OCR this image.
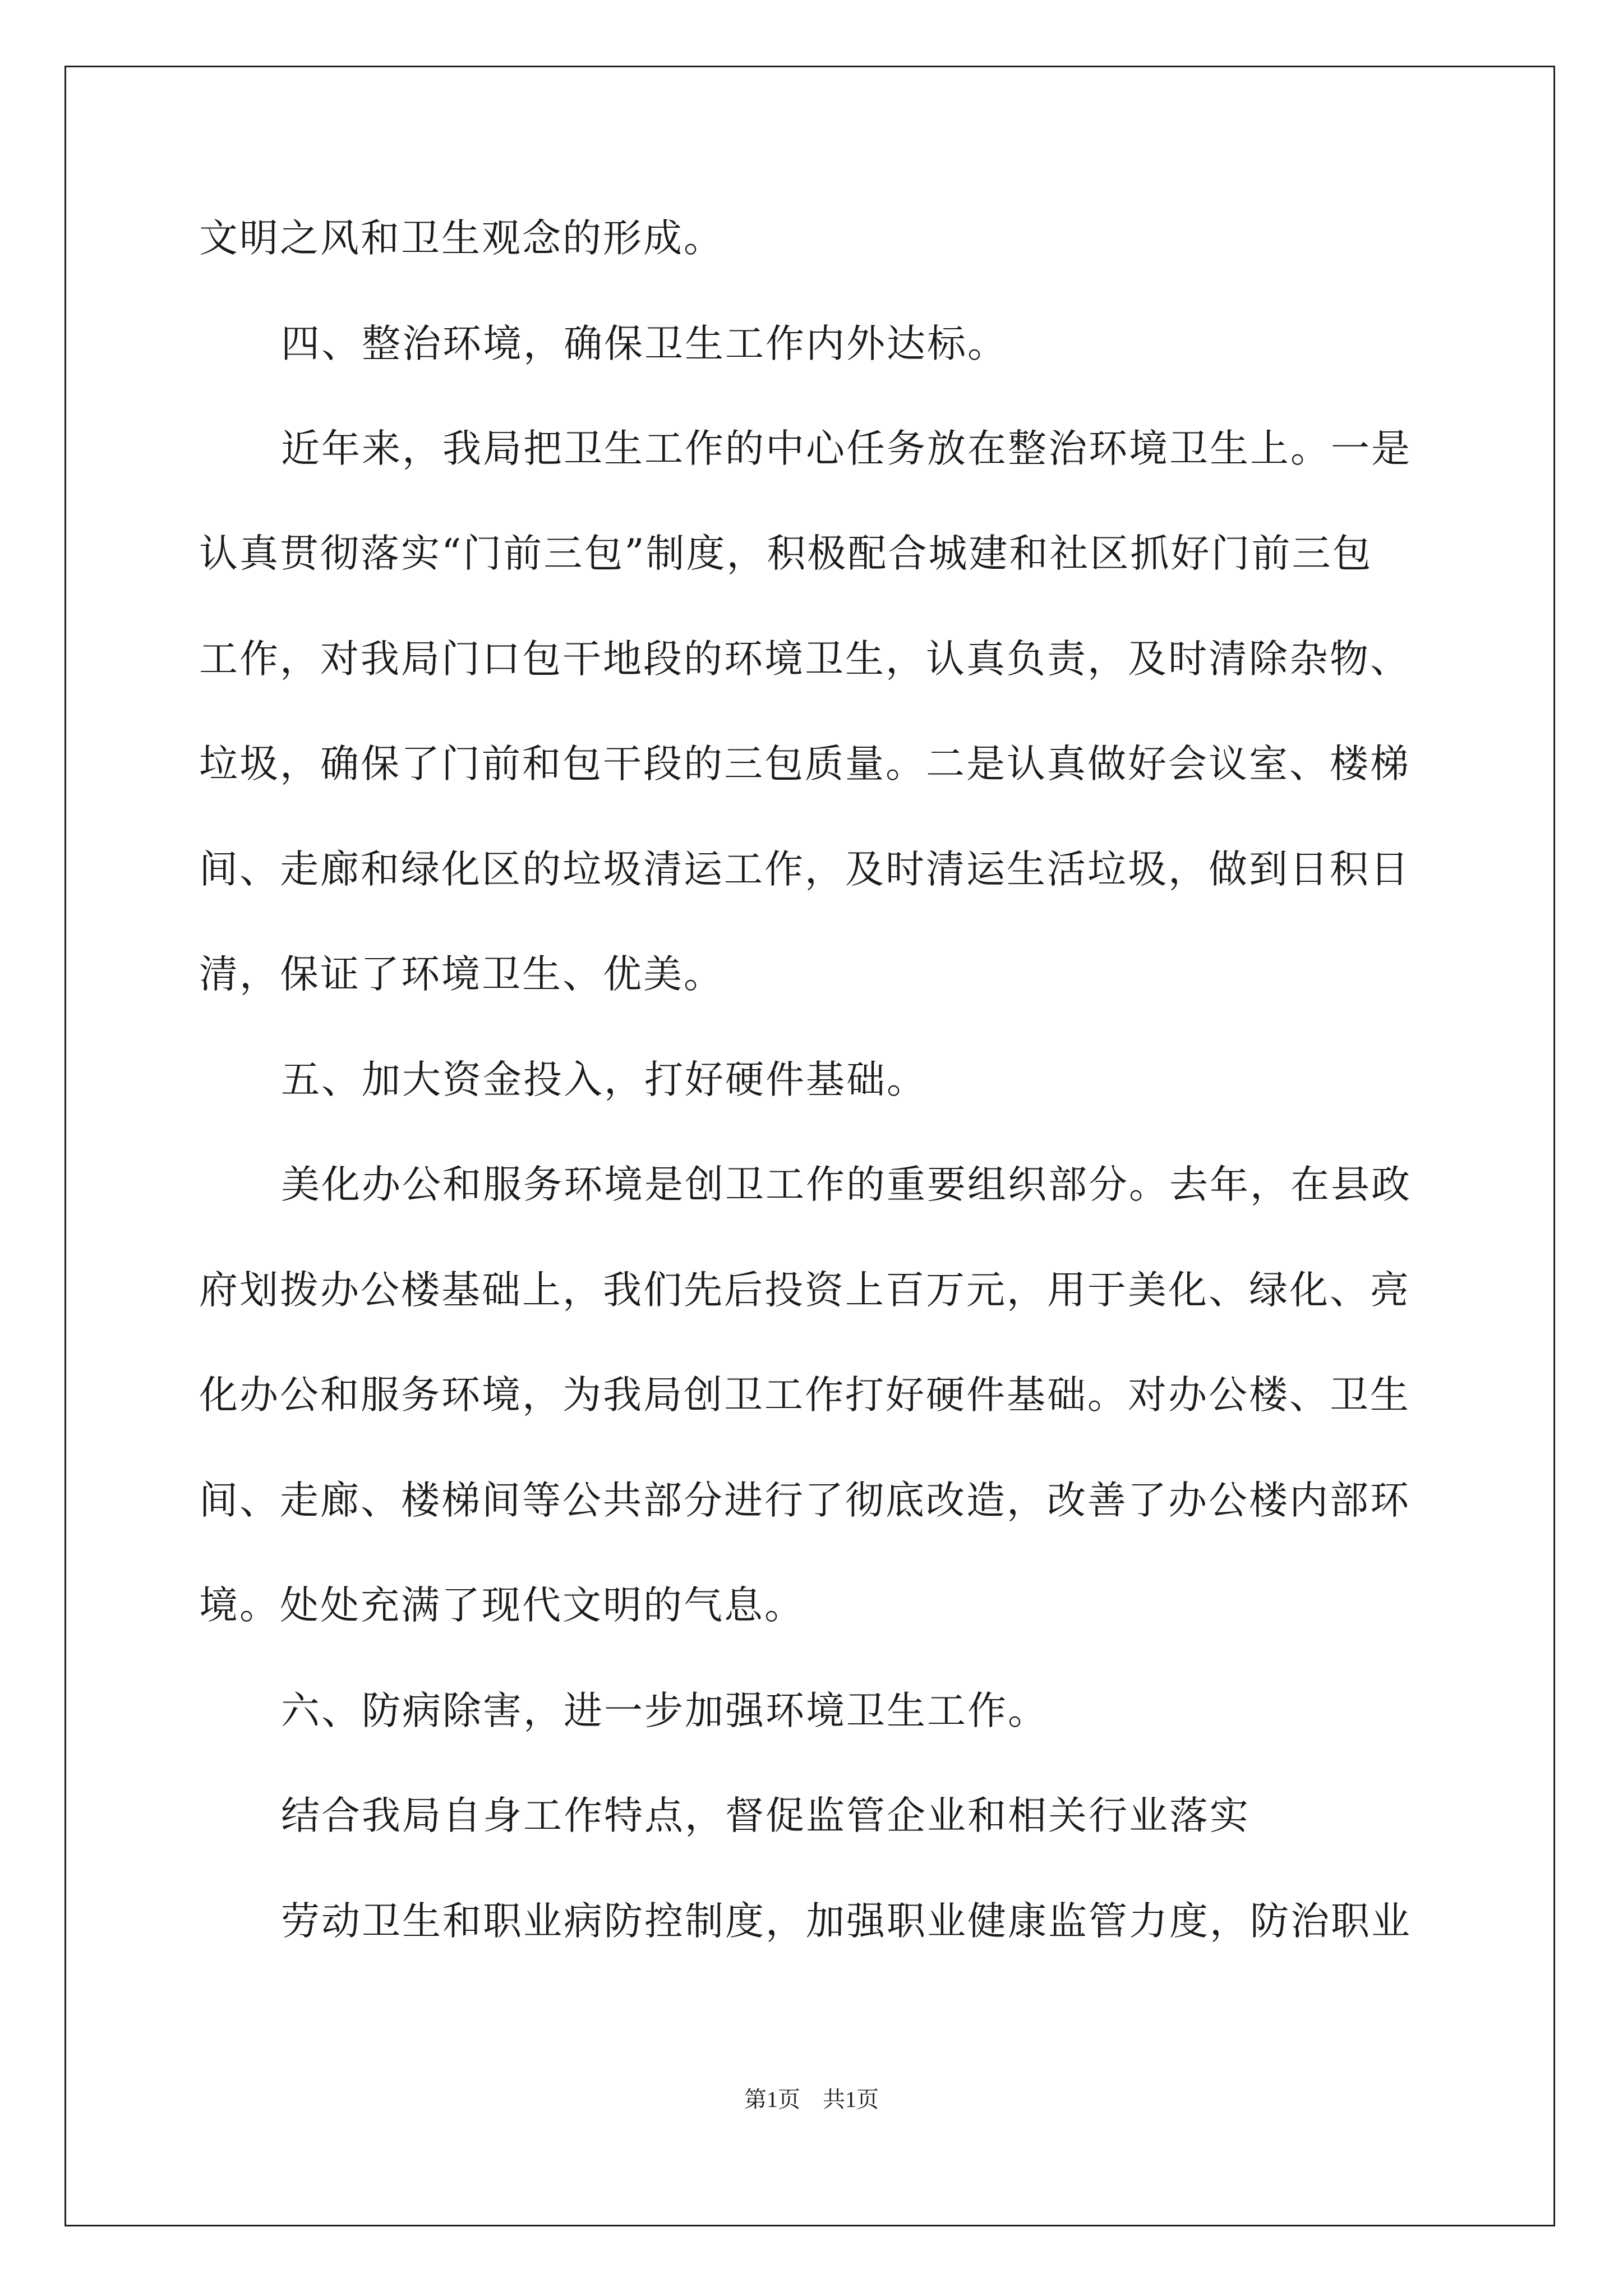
文明之风和卫生观念的形成。
四、整治环境，确保卫生工作内外达标。
近年来，我局把卫生工作的中心任务放在整治环境卫生上。一是
认真贯彻落实“门前三包”制度，积极配合城建和社区抓好门前三包
工作，对我局门口包干地段的环境卫生，认真负责，及时清除杂物、
垃圾，确保了门前和包干段的三包质量。二是认真做好会议室、楼梯
间、走廊和绿化区的垃圾清运工作，及时清运生活垃圾，做到日积日
清，保证了环境卫生、优美。
五、加大资金投入，打好硬件基础。
美化办公和服务环境是创卫工作的重要组织部分。去年，在县政
府划拨办公楼基础上，我们先后投资上百万元，用于美化、绿化、亮
化办公和服务环境，为我局创卫工作打好硬件基础。对办公楼、卫生
间、走廊、楼梯间等公共部分进行了彻底改造，改善了办公楼内部环
境。处处充满了现代文明的气息。
六、防病除害，进一步加强环境卫生工作。
结合我局自身工作特点，督促监管企业和相关行业落实
劳动卫生和职业病防控制度，加强职业健康监管力度，防治职业
第1页　共1页
